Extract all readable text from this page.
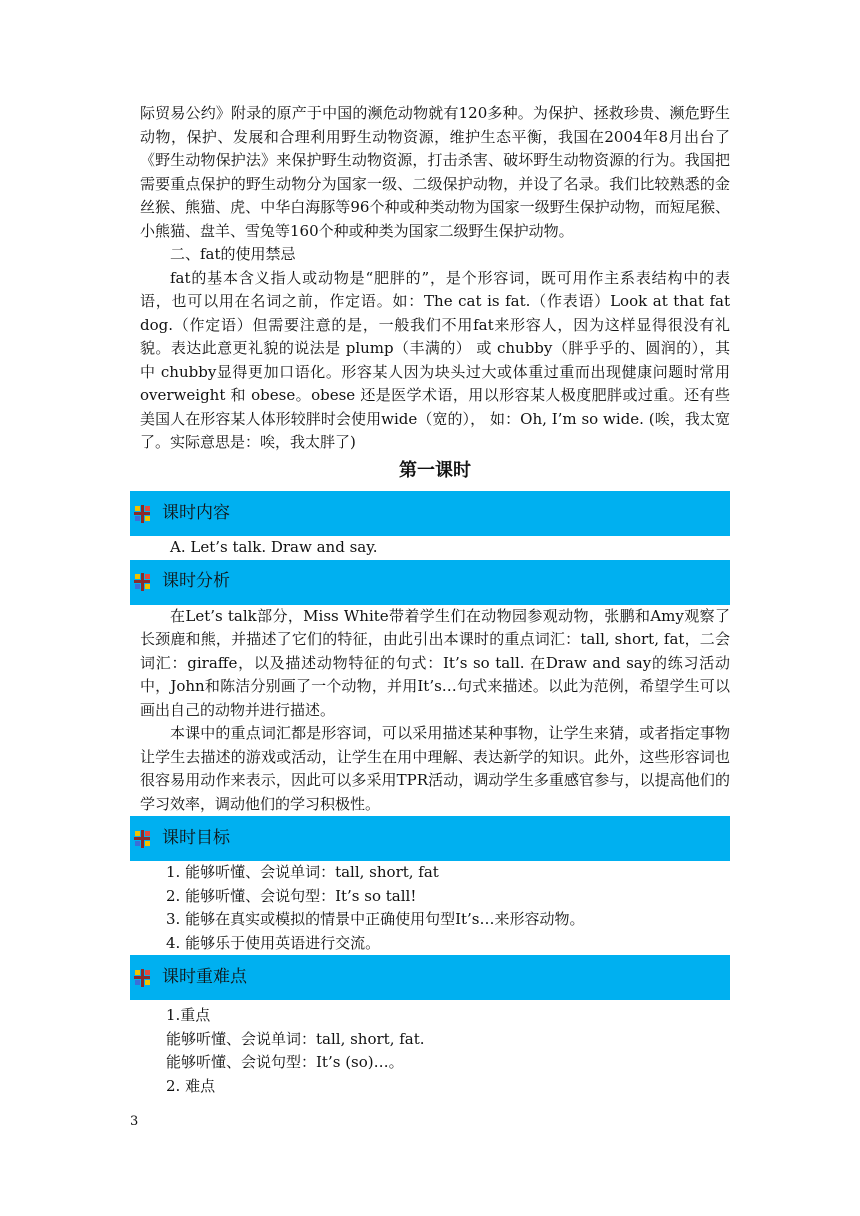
际贸易公约》附录的原产于中国的濒危动物就有120多种。为保护、拯救珍贵、濒危野生动物，保护、发展和合理利用野生动物资源，维护生态平衡，我国在2004年8月出台了《野生动物保护法》来保护野生动物资源，打击杀害、破坏野生动物资源的行为。我国把需要重点保护的野生动物分为国家一级、二级保护动物，并设了名录。我们比较熟悉的金丝猴、熊猫、虎、中华白海豚等96个种或种类动物为国家一级野生保护动物，而短尾猴、小熊猫、盘羊、雪兔等160个种或种类为国家二级野生保护动物。

二、fat的使用禁忌

fat的基本含义指人或动物是“肥胖的”，是个形容词，既可用作主系表结构中的表语，也可以用在名词之前，作定语。如：The cat is fat.（作表语）Look at that fat dog.（作定语）但需要注意的是，一般我们不用fat来形容人，因为这样显得很没有礼貌。表达此意更礼貌的说法是 plump（丰满的） 或 chubby（胖乎乎的、圆润的），其中 chubby显得更加口语化。形容某人因为块头过大或体重过重而出现健康问题时常用 overweight 和 obese。obese 还是医学术语，用以形容某人极度肥胖或过重。还有些美国人在形容某人体形较胖时会使用wide（宽的）， 如：Oh, I’m so wide. (唉，我太宽了。实际意思是：唉，我太胖了)

第一课时
课时内容

A. Let’s talk. Draw and say.

课时分析

在Let’s talk部分，Miss White带着学生们在动物园参观动物，张鹏和Amy观察了长颈鹿和熊，并描述了它们的特征，由此引出本课时的重点词汇：tall, short, fat，二会词汇：giraffe，以及描述动物特征的句式：It’s so tall. 在Draw and say的练习活动中，John和陈洁分别画了一个动物，并用It’s…句式来描述。以此为范例，希望学生可以画出自己的动物并进行描述。

本课中的重点词汇都是形容词，可以采用描述某种事物，让学生来猜，或者指定事物让学生去描述的游戏或活动，让学生在用中理解、表达新学的知识。此外，这些形容词也很容易用动作来表示，因此可以多采用TPR活动，调动学生多重感官参与，以提高他们的学习效率，调动他们的学习积极性。

课时目标

1. 能够听懂、会说单词：tall, short, fat

2. 能够听懂、会说句型：It’s so tall!

3. 能够在真实或模拟的情景中正确使用句型It’s…来形容动物。

4. 能够乐于使用英语进行交流。

课时重难点

1.重点

能够听懂、会说单词：tall, short, fat.

能够听懂、会说句型：It’s (so)…。

2. 难点

3
